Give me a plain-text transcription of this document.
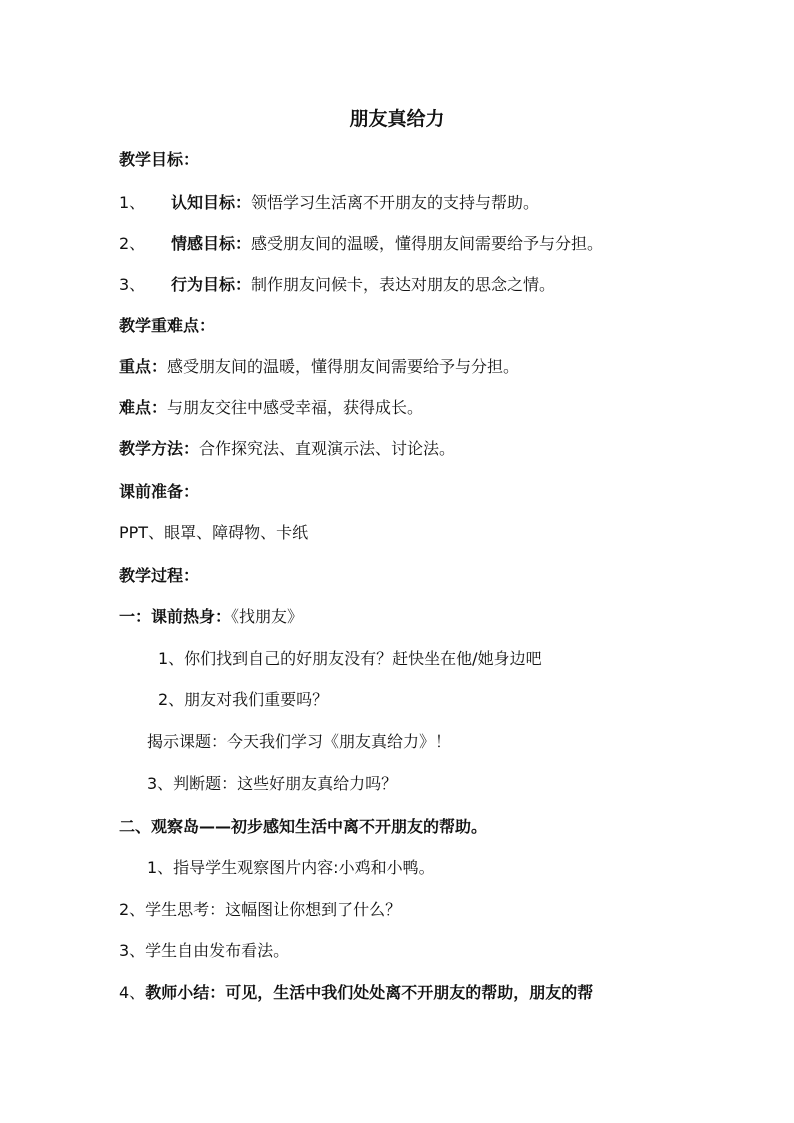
朋友真给力
教学目标：
1、 认知目标：领悟学习生活离不开朋友的支持与帮助。
2、 情感目标：感受朋友间的温暖，懂得朋友间需要给予与分担。
3、 行为目标：制作朋友问候卡，表达对朋友的思念之情。
教学重难点：
重点：感受朋友间的温暖，懂得朋友间需要给予与分担。
难点：与朋友交往中感受幸福，获得成长。
教学方法：合作探究法、直观演示法、讨论法。
课前准备：
PPT、眼罩、障碍物、卡纸
教学过程：
一：课前热身：《找朋友》
1、你们找到自己的好朋友没有？赶快坐在他/她身边吧
2、朋友对我们重要吗？
揭示课题：今天我们学习《朋友真给力》！
3、判断题：这些好朋友真给力吗？
二、观察岛——初步感知生活中离不开朋友的帮助。
1、指导学生观察图片内容:小鸡和小鸭。
2、学生思考：这幅图让你想到了什么？
3、学生自由发布看法。
4、教师小结：可见，生活中我们处处离不开朋友的帮助，朋友的帮
